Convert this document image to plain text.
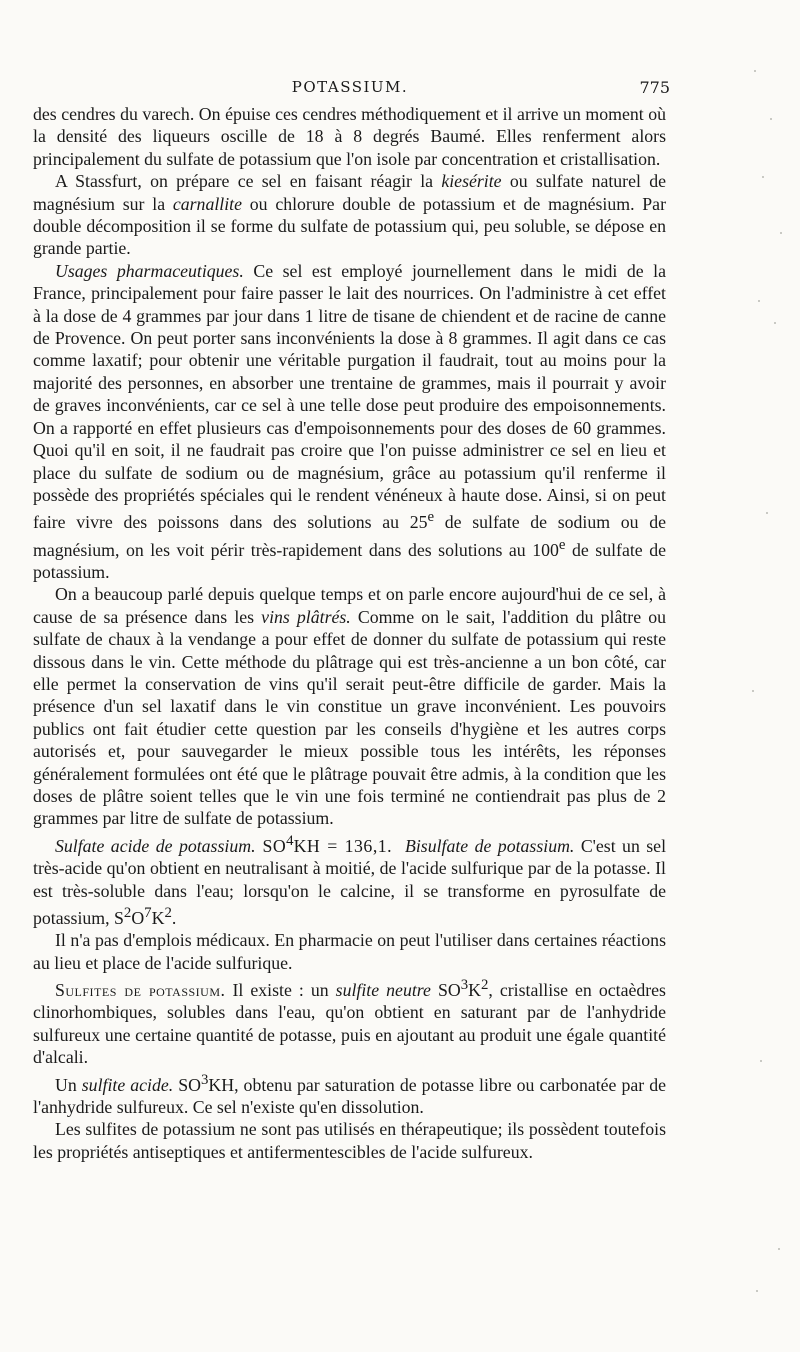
POTASSIUM.	775

des cendres du varech. On épuise ces cendres méthodiquement et il arrive un moment où la densité des liqueurs oscille de 18 à 8 degrés Baumé. Elles renferment alors principalement du sulfate de potassium que l'on isole par concentration et cristallisation.

A Stassfurt, on prépare ce sel en faisant réagir la kiesérite ou sulfate naturel de magnésium sur la carnallite ou chlorure double de potassium et de magnésium. Par double décomposition il se forme du sulfate de potassium qui, peu soluble, se dépose en grande partie.

Usages pharmaceutiques. Ce sel est employé journellement dans le midi de la France, principalement pour faire passer le lait des nourrices. On l'administre à cet effet à la dose de 4 grammes par jour dans 1 litre de tisane de chiendent et de racine de canne de Provence. On peut porter sans inconvénients la dose à 8 grammes. Il agit dans ce cas comme laxatif; pour obtenir une véritable purgation il faudrait, tout au moins pour la majorité des personnes, en absorber une trentaine de grammes, mais il pourrait y avoir de graves inconvénients, car ce sel à une telle dose peut produire des empoisonnements. On a rapporté en effet plusieurs cas d'empoisonnements pour des doses de 60 grammes. Quoi qu'il en soit, il ne faudrait pas croire que l'on puisse administrer ce sel en lieu et place du sulfate de sodium ou de magnésium, grâce au potassium qu'il renferme il possède des propriétés spéciales qui le rendent vénéneux à haute dose. Ainsi, si on peut faire vivre des poissons dans des solutions au 25e de sulfate de sodium ou de magnésium, on les voit périr très-rapidement dans des solutions au 100e de sulfate de potassium.

On a beaucoup parlé depuis quelque temps et on parle encore aujourd'hui de ce sel, à cause de sa présence dans les vins plâtrés. Comme on le sait, l'addition du plâtre ou sulfate de chaux à la vendange a pour effet de donner du sulfate de potassium qui reste dissous dans le vin. Cette méthode du plâtrage qui est très-ancienne a un bon côté, car elle permet la conservation de vins qu'il serait peut-être difficile de garder. Mais la présence d'un sel laxatif dans le vin constitue un grave inconvénient. Les pouvoirs publics ont fait étudier cette question par les conseils d'hygiène et les autres corps autorisés et, pour sauvegarder le mieux possible tous les intérêts, les réponses généralement formulées ont été que le plâtrage pouvait être admis, à la condition que les doses de plâtre soient telles que le vin une fois terminé ne contiendrait pas plus de 2 grammes par litre de sulfate de potassium.

Sulfate acide de potassium. $SO^4KH = 136,1$. Bisulfate de potassium. C'est un sel très-acide qu'on obtient en neutralisant à moitié, de l'acide sulfurique par de la potasse. Il est très-soluble dans l'eau; lorsqu'on le calcine, il se transforme en pyrosulfate de potassium, $S^2O^7K^2$.

Il n'a pas d'emplois médicaux. En pharmacie on peut l'utiliser dans certaines réactions au lieu et place de l'acide sulfurique.

Sulfites de potassium. Il existe : un sulfite neutre $SO^3K^2$, cristallise en octaèdres clinorhombiques, solubles dans l'eau, qu'on obtient en saturant par de l'anhydride sulfureux une certaine quantité de potasse, puis en ajoutant au produit une égale quantité d'alcali.

Un sulfite acide. $SO^3KH$, obtenu par saturation de potasse libre ou carbonatée par de l'anhydride sulfureux. Ce sel n'existe qu'en dissolution.

Les sulfites de potassium ne sont pas utilisés en thérapeutique; ils possèdent toutefois les propriétés antiseptiques et antifermentescibles de l'acide sulfureux.
